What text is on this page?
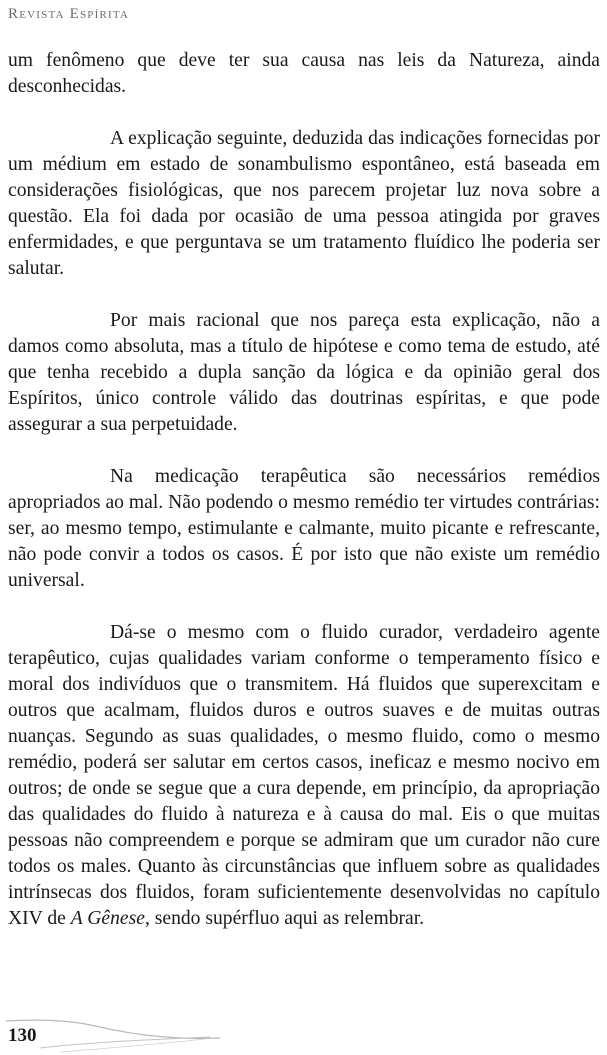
Revista Espírita

um fenômeno que deve ter sua causa nas leis da Natureza, ainda desconhecidas.

A explicação seguinte, deduzida das indicações fornecidas por um médium em estado de sonambulismo espontâneo, está baseada em considerações fisiológicas, que nos parecem projetar luz nova sobre a questão. Ela foi dada por ocasião de uma pessoa atingida por graves enfermidades, e que perguntava se um tratamento fluídico lhe poderia ser salutar.

Por mais racional que nos pareça esta explicação, não a damos como absoluta, mas a título de hipótese e como tema de estudo, até que tenha recebido a dupla sanção da lógica e da opinião geral dos Espíritos, único controle válido das doutrinas espíritas, e que pode assegurar a sua perpetuidade.

Na medicação terapêutica são necessários remédios apropriados ao mal. Não podendo o mesmo remédio ter virtudes contrárias: ser, ao mesmo tempo, estimulante e calmante, muito picante e refrescante, não pode convir a todos os casos. É por isto que não existe um remédio universal.

Dá-se o mesmo com o fluido curador, verdadeiro agente terapêutico, cujas qualidades variam conforme o temperamento físico e moral dos indivíduos que o transmitem. Há fluidos que superexcitam e outros que acalmam, fluidos duros e outros suaves e de muitas outras nuanças. Segundo as suas qualidades, o mesmo fluido, como o mesmo remédio, poderá ser salutar em certos casos, ineficaz e mesmo nocivo em outros; de onde se segue que a cura depende, em princípio, da apropriação das qualidades do fluido à natureza e à causa do mal. Eis o que muitas pessoas não compreendem e porque se admiram que um curador não cure todos os males. Quanto às circunstâncias que influem sobre as qualidades intrínsecas dos fluidos, foram suficientemente desenvolvidas no capítulo XIV de A Gênese, sendo supérfluo aqui as relembrar.

130
